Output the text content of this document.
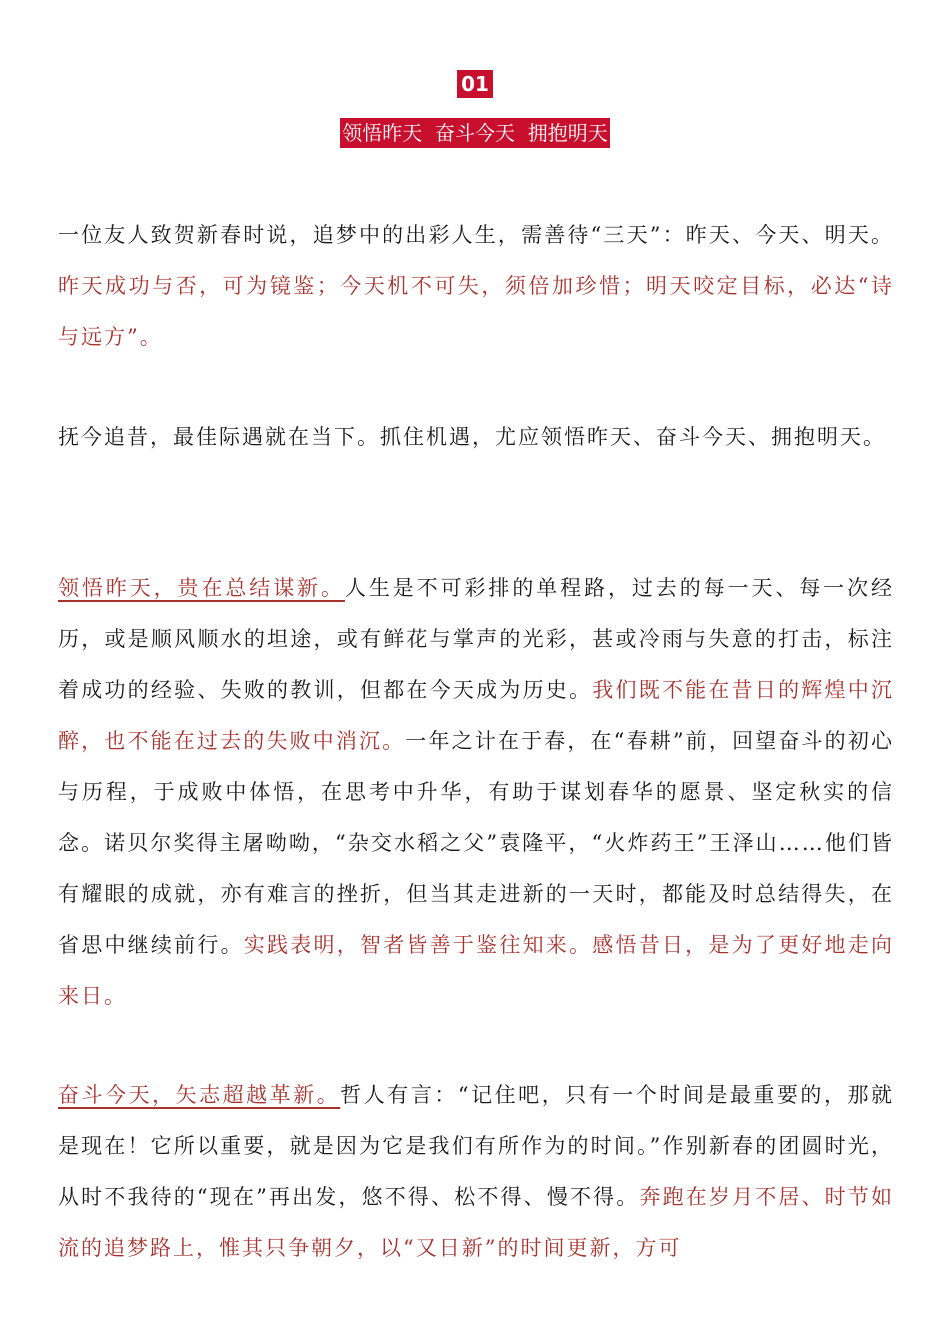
01
领悟昨天  奋斗今天  拥抱明天

一位友人致贺新春时说，追梦中的出彩人生，需善待“三天”：昨天、今天、明天。昨天成功与否，可为镜鉴；今天机不可失，须倍加珍惜；明天咬定目标，必达“诗与远方”。

抚今追昔，最佳际遇就在当下。抓住机遇，尤应领悟昨天、奋斗今天、拥抱明天。

领悟昨天，贵在总结谋新。人生是不可彩排的单程路，过去的每一天、每一次经历，或是顺风顺水的坦途，或有鲜花与掌声的光彩，甚或冷雨与失意的打击，标注着成功的经验、失败的教训，但都在今天成为历史。我们既不能在昔日的辉煌中沉醉，也不能在过去的失败中消沉。一年之计在于春，在“春耕”前，回望奋斗的初心与历程，于成败中体悟，在思考中升华，有助于谋划春华的愿景、坚定秋实的信念。诺贝尔奖得主屠呦呦，“杂交水稻之父”袁隆平，“火炸药王”王泽山……他们皆有耀眼的成就，亦有难言的挫折，但当其走进新的一天时，都能及时总结得失，在省思中继续前行。实践表明，智者皆善于鉴往知来。感悟昔日，是为了更好地走向来日。

奋斗今天，矢志超越革新。哲人有言：“记住吧，只有一个时间是最重要的，那就是现在！它所以重要，就是因为它是我们有所作为的时间。”作别新春的团圆时光，从时不我待的“现在”再出发，悠不得、松不得、慢不得。奔跑在岁月不居、时节如流的追梦路上，惟其只争朝夕，以“又日新”的时间更新，方可
